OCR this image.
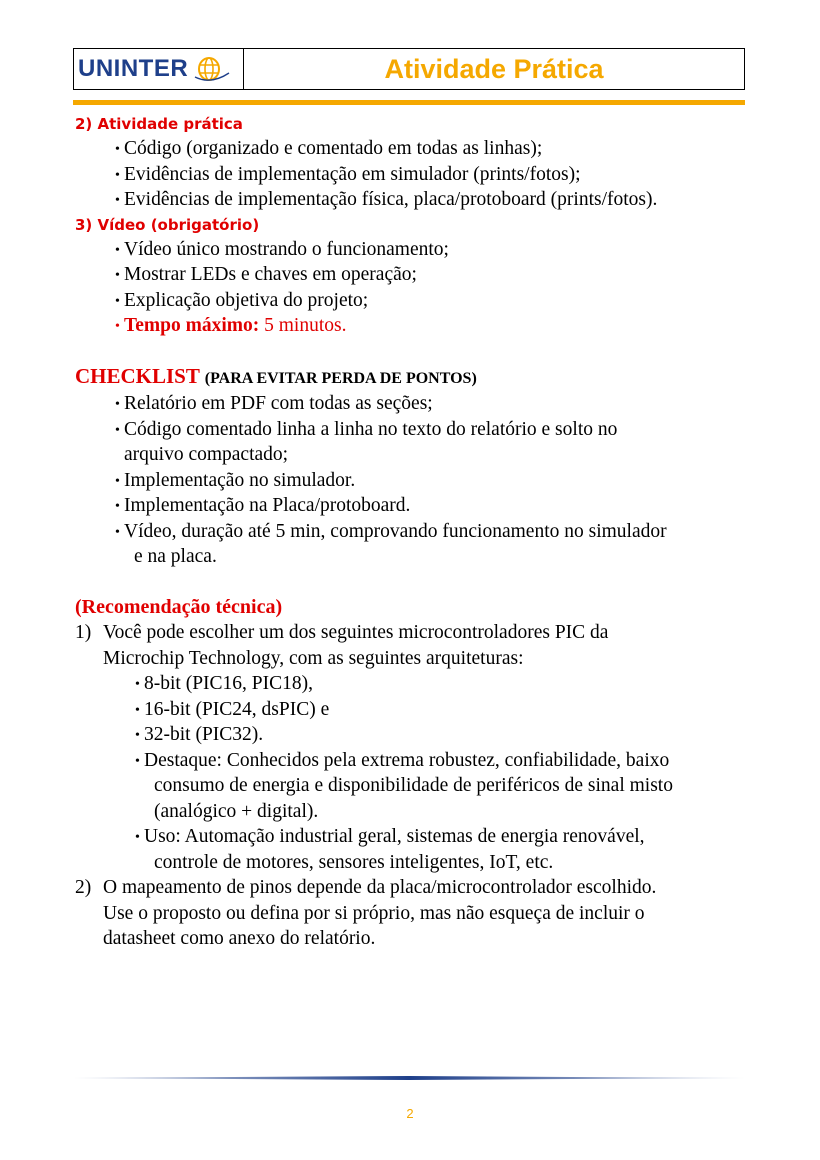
UNINTER	Atividade Prática
2) Atividade prática
• Código (organizado e comentado em todas as linhas);
• Evidências de implementação em simulador (prints/fotos);
• Evidências de implementação física, placa/protoboard (prints/fotos).
3) Vídeo (obrigatório)
• Vídeo único mostrando o funcionamento;
• Mostrar LEDs e chaves em operação;
• Explicação objetiva do projeto;
• Tempo máximo: 5 minutos.
CHECKLIST (PARA EVITAR PERDA DE PONTOS)
• Relatório em PDF com todas as seções;
• Código comentado linha a linha no texto do relatório e solto no
arquivo compactado;
• Implementação no simulador.
• Implementação na Placa/protoboard.
• Vídeo, duração até 5 min, comprovando funcionamento no simulador
e na placa.
(Recomendação técnica)
1) Você pode escolher um dos seguintes microcontroladores PIC da
Microchip Technology, com as seguintes arquiteturas:
• 8-bit (PIC16, PIC18),
• 16-bit (PIC24, dsPIC) e
• 32-bit (PIC32).
• Destaque: Conhecidos pela extrema robustez, confiabilidade, baixo
consumo de energia e disponibilidade de periféricos de sinal misto
(analógico + digital).
• Uso: Automação industrial geral, sistemas de energia renovável,
controle de motores, sensores inteligentes, IoT, etc.
2) O mapeamento de pinos depende da placa/microcontrolador escolhido.
Use o proposto ou defina por si próprio, mas não esqueça de incluir o
datasheet como anexo do relatório.
2
